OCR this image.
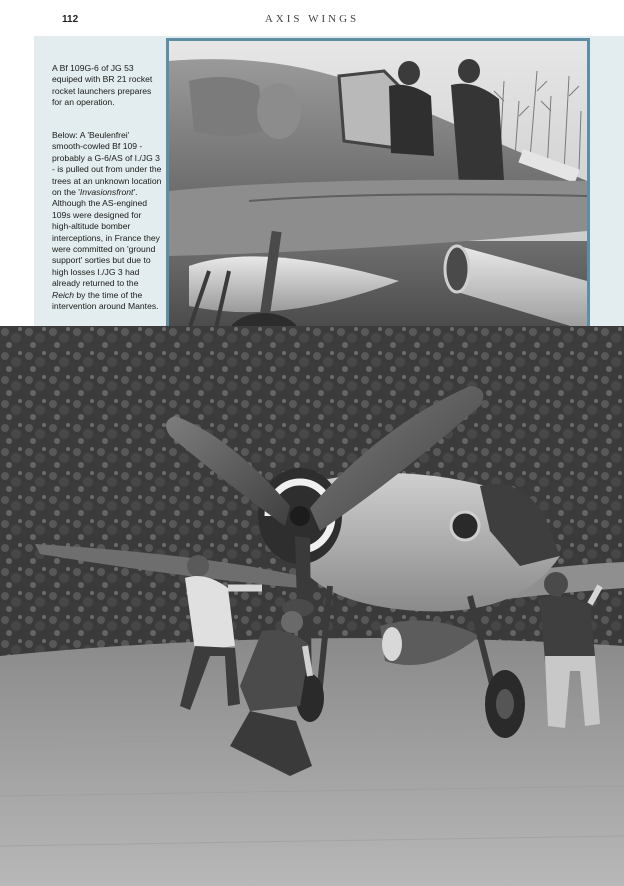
112	AXIS WINGS
A Bf 109G-6 of JG 53 equiped with BR 21 rocket rocket launchers prepares for an operation.
Below: A 'Beulenfrei' smooth-cowled Bf 109 - probably a G-6/AS of I./JG 3 - is pulled out from under the trees at an unknown location on the 'Invasionsfront'. Although the AS-engined 109s were designed for high-altitude bomber interceptions, in France they were committed on 'ground support' sorties but due to high losses I./JG 3 had already returned to the Reich by the time of the intervention around Mantes.
